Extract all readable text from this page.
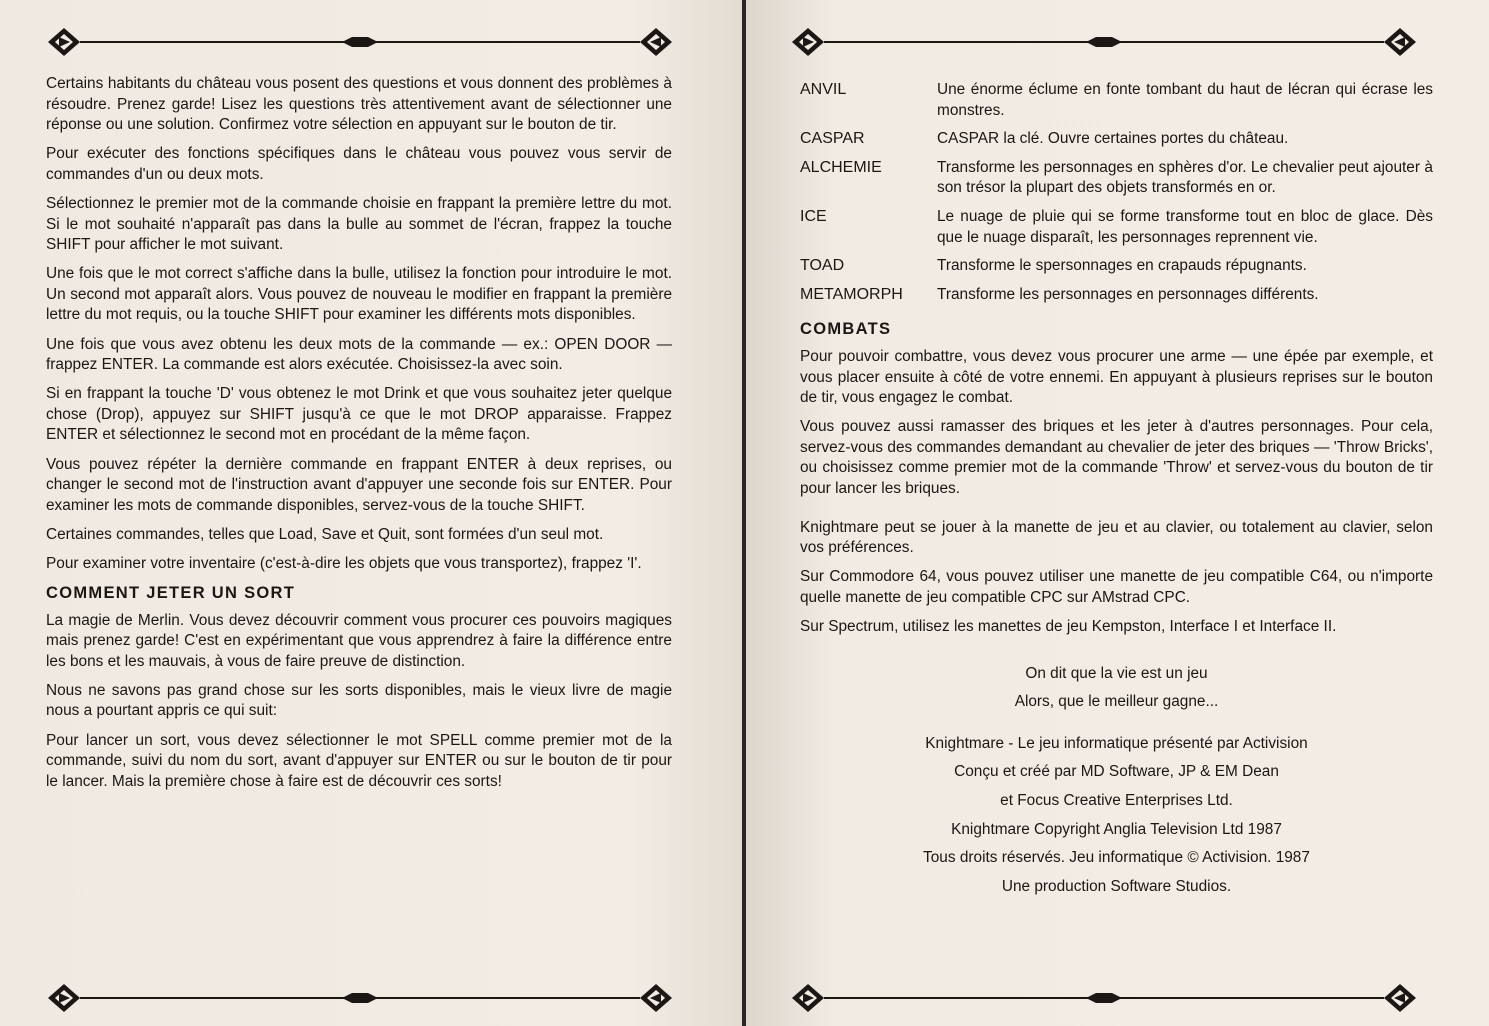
Certains habitants du château vous posent des questions et vous donnent des problèmes à résoudre. Prenez garde! Lisez les questions très attentivement avant de sélectionner une réponse ou une solution. Confirmez votre sélection en appuyant sur le bouton de tir.

Pour exécuter des fonctions spécifiques dans le château vous pouvez vous servir de commandes d'un ou deux mots.

Sélectionnez le premier mot de la commande choisie en frappant la première lettre du mot. Si le mot souhaité n'apparaît pas dans la bulle au sommet de l'écran, frappez la touche SHIFT pour afficher le mot suivant.

Une fois que le mot correct s'affiche dans la bulle, utilisez la fonction pour introduire le mot. Un second mot apparaît alors. Vous pouvez de nouveau le modifier en frappant la première lettre du mot requis, ou la touche SHIFT pour examiner les différents mots disponibles.

Une fois que vous avez obtenu les deux mots de la commande — ex.: OPEN DOOR — frappez ENTER. La commande est alors exécutée. Choisissez-la avec soin.

Si en frappant la touche 'D' vous obtenez le mot Drink et que vous souhaitez jeter quelque chose (Drop), appuyez sur SHIFT jusqu'à ce que le mot DROP apparaisse. Frappez ENTER et sélectionnez le second mot en procédant de la même façon.

Vous pouvez répéter la dernière commande en frappant ENTER à deux reprises, ou changer le second mot de l'instruction avant d'appuyer une seconde fois sur ENTER. Pour examiner les mots de commande disponibles, servez-vous de la touche SHIFT.

Certaines commandes, telles que Load, Save et Quit, sont formées d'un seul mot.

Pour examiner votre inventaire (c'est-à-dire les objets que vous transportez), frappez 'I'.

COMMENT JETER UN SORT

La magie de Merlin. Vous devez découvrir comment vous procurer ces pouvoirs magiques mais prenez garde! C'est en expérimentant que vous apprendrez à faire la différence entre les bons et les mauvais, à vous de faire preuve de distinction.

Nous ne savons pas grand chose sur les sorts disponibles, mais le vieux livre de magie nous a pourtant appris ce qui suit:

Pour lancer un sort, vous devez sélectionner le mot SPELL comme premier mot de la commande, suivi du nom du sort, avant d'appuyer sur ENTER ou sur le bouton de tir pour le lancer. Mais la première chose à faire est de découvrir ces sorts!

ANVIL	Une énorme éclume en fonte tombant du haut de lécran qui écrase les monstres.
CASPAR	CASPAR la clé. Ouvre certaines portes du château.
ALCHEMIE	Transforme les personnages en sphères d'or. Le chevalier peut ajouter à son trésor la plupart des objets transformés en or.
ICE	Le nuage de pluie qui se forme transforme tout en bloc de glace. Dès que le nuage disparaît, les personnages reprennent vie.
TOAD	Transforme le spersonnages en crapauds répugnants.
METAMORPH	Transforme les personnages en personnages différents.
COMBATS

Pour pouvoir combattre, vous devez vous procurer une arme — une épée par exemple, et vous placer ensuite à côté de votre ennemi. En appuyant à plusieurs reprises sur le bouton de tir, vous engagez le combat.

Vous pouvez aussi ramasser des briques et les jeter à d'autres personnages. Pour cela, servez-vous des commandes demandant au chevalier de jeter des briques — 'Throw Bricks', ou choisissez comme premier mot de la commande 'Throw' et servez-vous du bouton de tir pour lancer les briques.

Knightmare peut se jouer à la manette de jeu et au clavier, ou totalement au clavier, selon vos préférences.

Sur Commodore 64, vous pouvez utiliser une manette de jeu compatible C64, ou n'importe quelle manette de jeu compatible CPC sur AMstrad CPC.

Sur Spectrum, utilisez les manettes de jeu Kempston, Interface I et Interface II.

On dit que la vie est un jeu
Alors, que le meilleur gagne...
Knightmare - Le jeu informatique présenté par Activision
Conçu et créé par MD Software, JP & EM Dean
et Focus Creative Enterprises Ltd.
Knightmare Copyright Anglia Television Ltd 1987
Tous droits réservés. Jeu informatique © Activision. 1987
Une production Software Studios.
